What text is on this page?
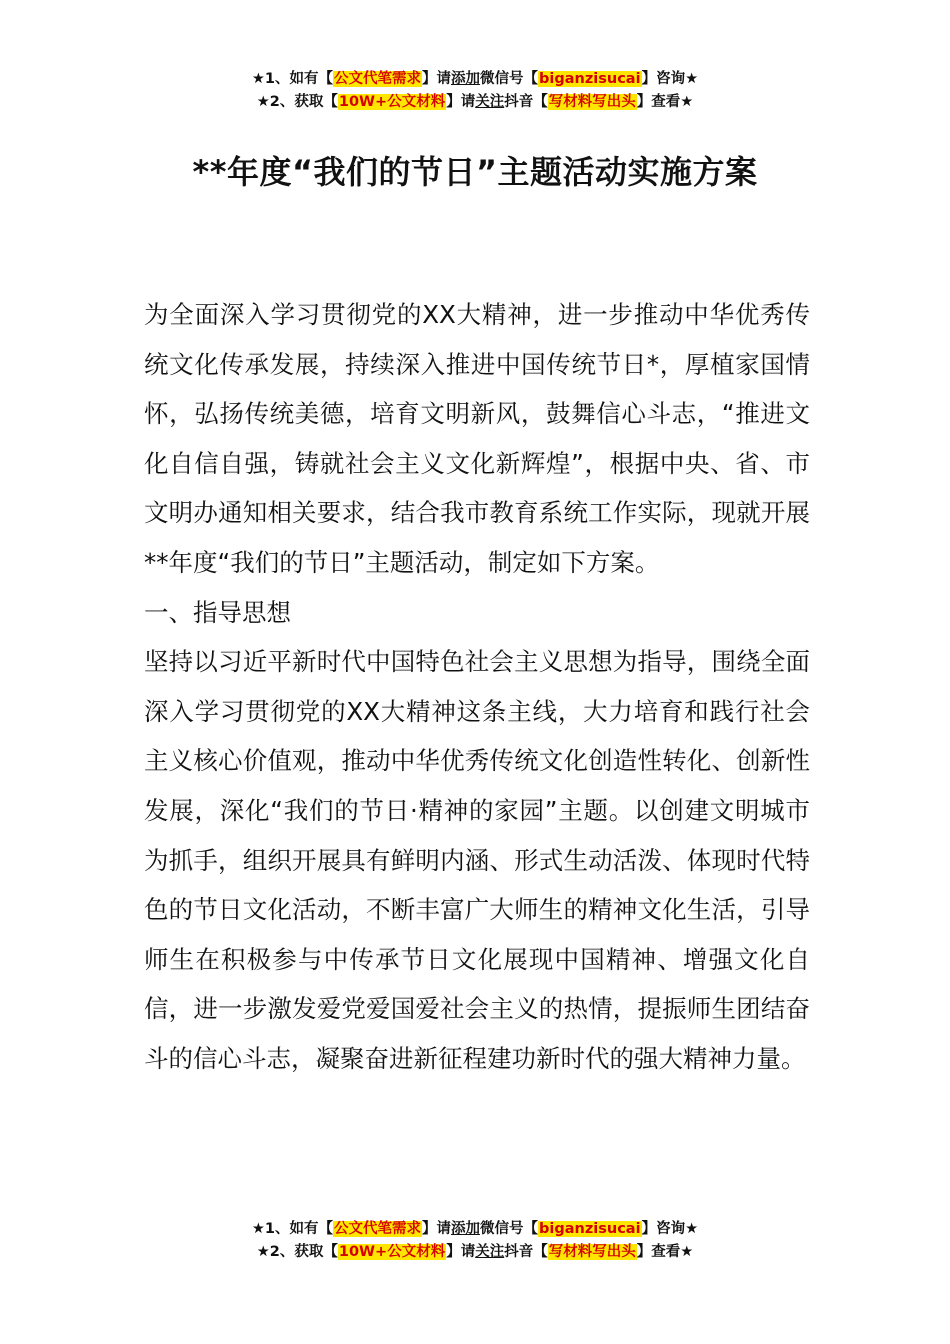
★1、如有【公文代笔需求】请添加微信号【biganzisucai】咨询★
★2、获取【10W+公文材料】请关注抖音【写材料写出头】查看★
**年度“我们的节日”主题活动实施方案

为全面深入学习贯彻党的XX大精神，进一步推动中华优秀传统文化传承发展，持续深入推进中国传统节日*，厚植家国情怀，弘扬传统美德，培育文明新风，鼓舞信心斗志，“推进文化自信自强，铸就社会主义文化新辉煌”，根据中央、省、市文明办通知相关要求，结合我市教育系统工作实际，现就开展**年度“我们的节日”主题活动，制定如下方案。

一、指导思想

坚持以习近平新时代中国特色社会主义思想为指导，围绕全面深入学习贯彻党的XX大精神这条主线，大力培育和践行社会主义核心价值观，推动中华优秀传统文化创造性转化、创新性发展，深化“我们的节日·精神的家园”主题。以创建文明城市为抓手，组织开展具有鲜明内涵、形式生动活泼、体现时代特色的节日文化活动，不断丰富广大师生的精神文化生活，引导师生在积极参与中传承节日文化展现中国精神、增强文化自信，进一步激发爱党爱国爱社会主义的热情，提振师生团结奋斗的信心斗志，凝聚奋进新征程建功新时代的强大精神力量。

★1、如有【公文代笔需求】请添加微信号【biganzisucai】咨询★
★2、获取【10W+公文材料】请关注抖音【写材料写出头】查看★
